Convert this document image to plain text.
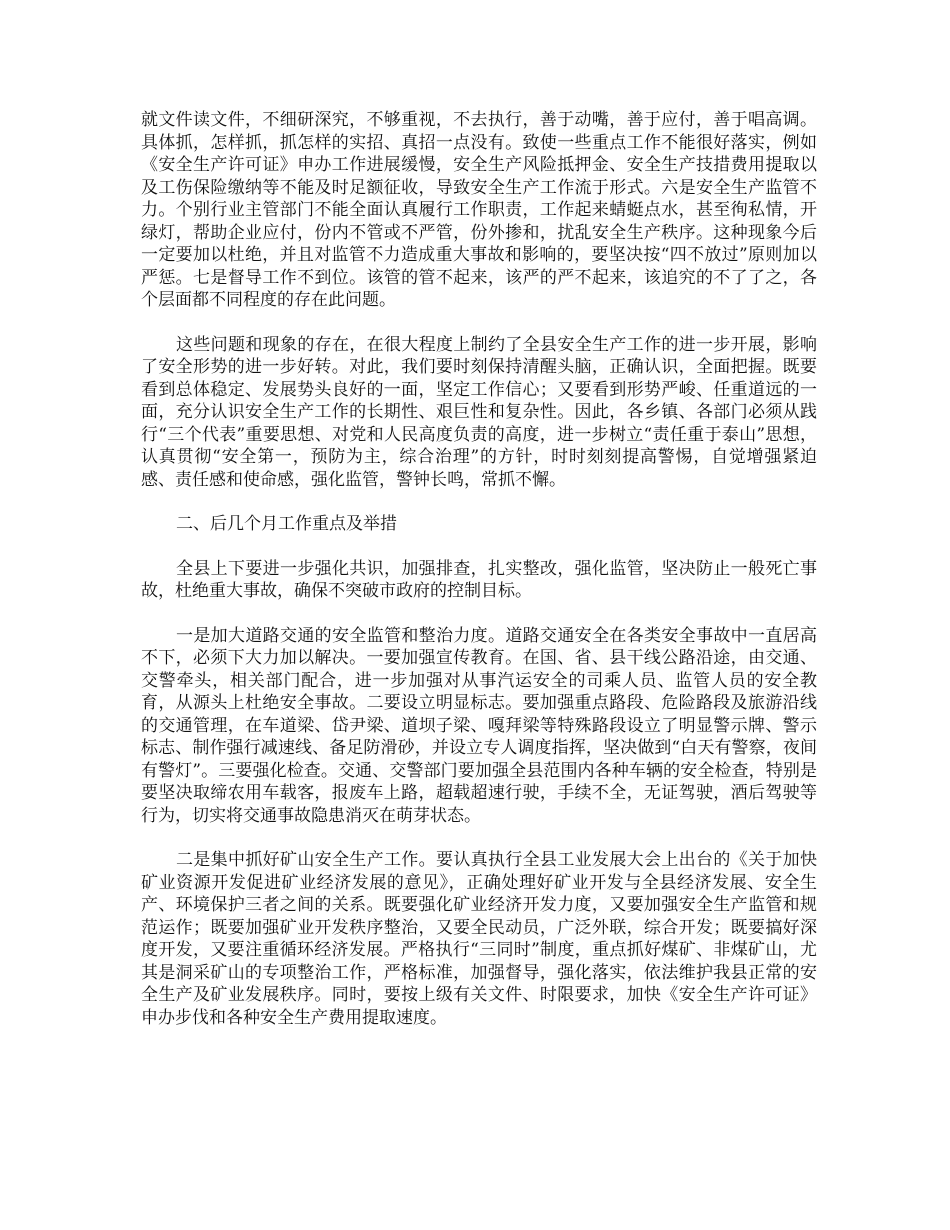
就文件读文件，不细研深究，不够重视，不去执行，善于动嘴，善于应付，善于唱高调。具体抓，怎样抓，抓怎样的实招、真招一点没有。致使一些重点工作不能很好落实，例如《安全生产许可证》申办工作进展缓慢，安全生产风险抵押金、安全生产技措费用提取以及工伤保险缴纳等不能及时足额征收，导致安全生产工作流于形式。六是安全生产监管不力。个别行业主管部门不能全面认真履行工作职责，工作起来蜻蜓点水，甚至徇私情，开绿灯，帮助企业应付，份内不管或不严管，份外掺和，扰乱安全生产秩序。这种现象今后一定要加以杜绝，并且对监管不力造成重大事故和影响的，要坚决按“四不放过”原则加以严惩。七是督导工作不到位。该管的管不起来，该严的严不起来，该追究的不了了之，各个层面都不同程度的存在此问题。

这些问题和现象的存在，在很大程度上制约了全县安全生产工作的进一步开展，影响了安全形势的进一步好转。对此，我们要时刻保持清醒头脑，正确认识，全面把握。既要看到总体稳定、发展势头良好的一面，坚定工作信心；又要看到形势严峻、任重道远的一面，充分认识安全生产工作的长期性、艰巨性和复杂性。因此，各乡镇、各部门必须从践行“三个代表”重要思想、对党和人民高度负责的高度，进一步树立“责任重于泰山”思想，认真贯彻“安全第一，预防为主，综合治理”的方针，时时刻刻提高警惕，自觉增强紧迫感、责任感和使命感，强化监管，警钟长鸣，常抓不懈。

二、后几个月工作重点及举措

全县上下要进一步强化共识，加强排查，扎实整改，强化监管，坚决防止一般死亡事故，杜绝重大事故，确保不突破市政府的控制目标。

一是加大道路交通的安全监管和整治力度。道路交通安全在各类安全事故中一直居高不下，必须下大力加以解决。一要加强宣传教育。在国、省、县干线公路沿途，由交通、交警牵头，相关部门配合，进一步加强对从事汽运安全的司乘人员、监管人员的安全教育，从源头上杜绝安全事故。二要设立明显标志。要加强重点路段、危险路段及旅游沿线的交通管理，在车道梁、岱尹梁、道坝子梁、嘎拜梁等特殊路段设立了明显警示牌、警示标志、制作强行减速线、备足防滑砂，并设立专人调度指挥，坚决做到“白天有警察，夜间有警灯”。三要强化检查。交通、交警部门要加强全县范围内各种车辆的安全检查，特别是要坚决取缔农用车载客，报废车上路，超载超速行驶，手续不全，无证驾驶，酒后驾驶等行为，切实将交通事故隐患消灭在萌芽状态。

二是集中抓好矿山安全生产工作。要认真执行全县工业发展大会上出台的《关于加快矿业资源开发促进矿业经济发展的意见》，正确处理好矿业开发与全县经济发展、安全生产、环境保护三者之间的关系。既要强化矿业经济开发力度，又要加强安全生产监管和规范运作；既要加强矿业开发秩序整治，又要全民动员，广泛外联，综合开发；既要搞好深度开发，又要注重循环经济发展。严格执行“三同时”制度，重点抓好煤矿、非煤矿山，尤其是洞采矿山的专项整治工作，严格标准，加强督导，强化落实，依法维护我县正常的安全生产及矿业发展秩序。同时，要按上级有关文件、时限要求，加快《安全生产许可证》申办步伐和各种安全生产费用提取速度。
